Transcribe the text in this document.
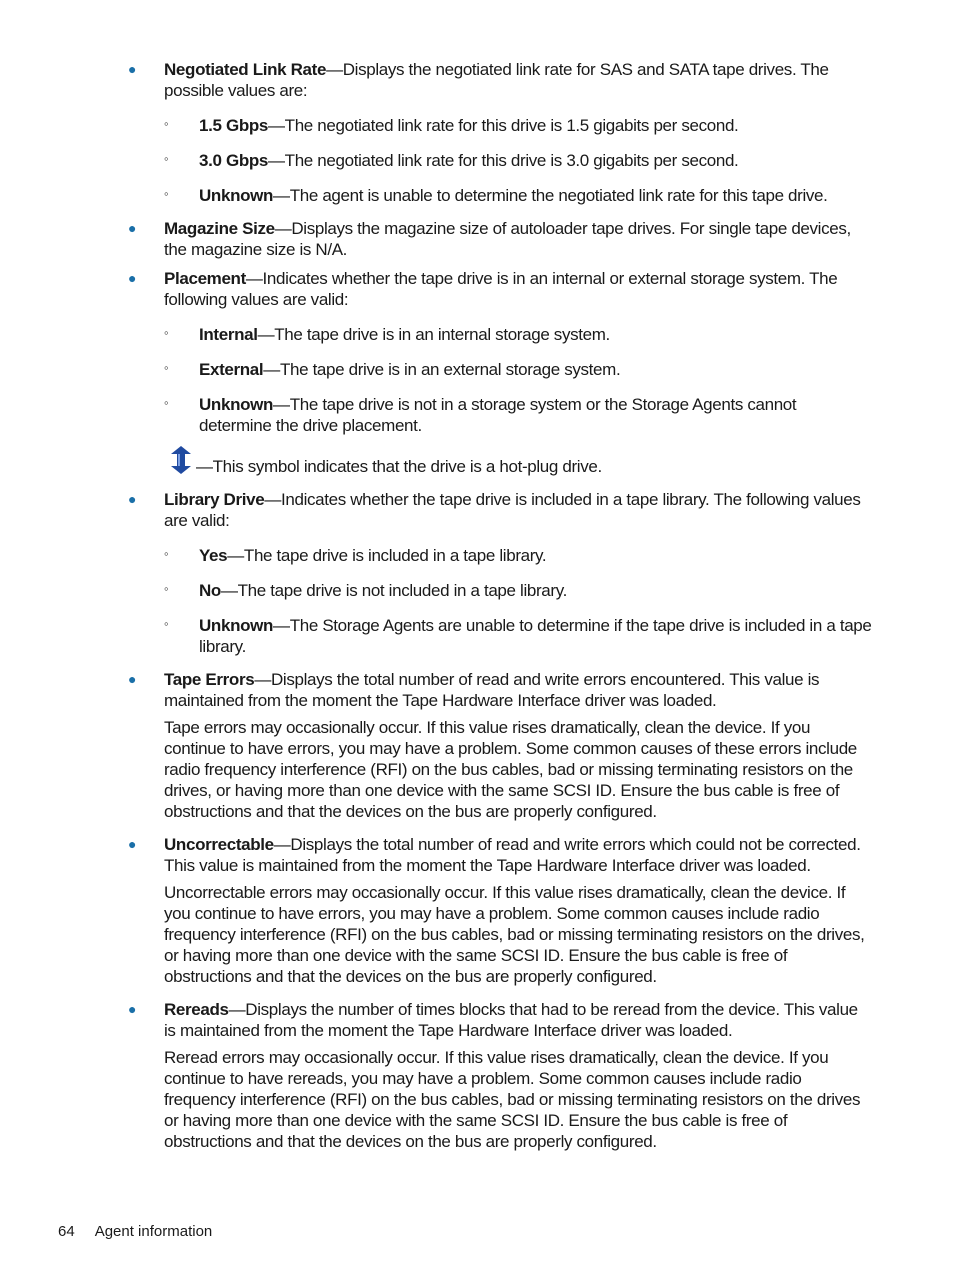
● Negotiated Link Rate—Displays the negotiated link rate for SAS and SATA tape drives. The possible values are:

◦ 1.5 Gbps—The negotiated link rate for this drive is 1.5 gigabits per second.
◦ 3.0 Gbps—The negotiated link rate for this drive is 3.0 gigabits per second.
◦ Unknown—The agent is unable to determine the negotiated link rate for this tape drive.
● Magazine Size—Displays the magazine size of autoloader tape drives. For single tape devices, the magazine size is N/A.

● Placement—Indicates whether the tape drive is in an internal or external storage system. The following values are valid:

◦ Internal—The tape drive is in an internal storage system.
◦ External—The tape drive is in an external storage system.
◦ Unknown—The tape drive is not in a storage system or the Storage Agents cannot determine the drive placement.

—This symbol indicates that the drive is a hot-plug drive.

● Library Drive—Indicates whether the tape drive is included in a tape library. The following values are valid:

◦ Yes—The tape drive is included in a tape library.
◦ No—The tape drive is not included in a tape library.
◦ Unknown—The Storage Agents are unable to determine if the tape drive is included in a tape library.
● Tape Errors—Displays the total number of read and write errors encountered. This value is maintained from the moment the Tape Hardware Interface driver was loaded.

Tape errors may occasionally occur. If this value rises dramatically, clean the device. If you continue to have errors, you may have a problem. Some common causes of these errors include radio frequency interference (RFI) on the bus cables, bad or missing terminating resistors on the drives, or having more than one device with the same SCSI ID. Ensure the bus cable is free of obstructions and that the devices on the bus are properly configured.

● Uncorrectable—Displays the total number of read and write errors which could not be corrected. This value is maintained from the moment the Tape Hardware Interface driver was loaded.

Uncorrectable errors may occasionally occur. If this value rises dramatically, clean the device. If you continue to have errors, you may have a problem. Some common causes include radio frequency interference (RFI) on the bus cables, bad or missing terminating resistors on the drives, or having more than one device with the same SCSI ID. Ensure the bus cable is free of obstructions and that the devices on the bus are properly configured.

● Rereads—Displays the number of times blocks that had to be reread from the device. This value is maintained from the moment the Tape Hardware Interface driver was loaded.

Reread errors may occasionally occur. If this value rises dramatically, clean the device. If you continue to have rereads, you may have a problem. Some common causes include radio frequency interference (RFI) on the bus cables, bad or missing terminating resistors on the drives or having more than one device with the same SCSI ID. Ensure the bus cable is free of obstructions and that the devices on the bus are properly configured.

64 Agent information
